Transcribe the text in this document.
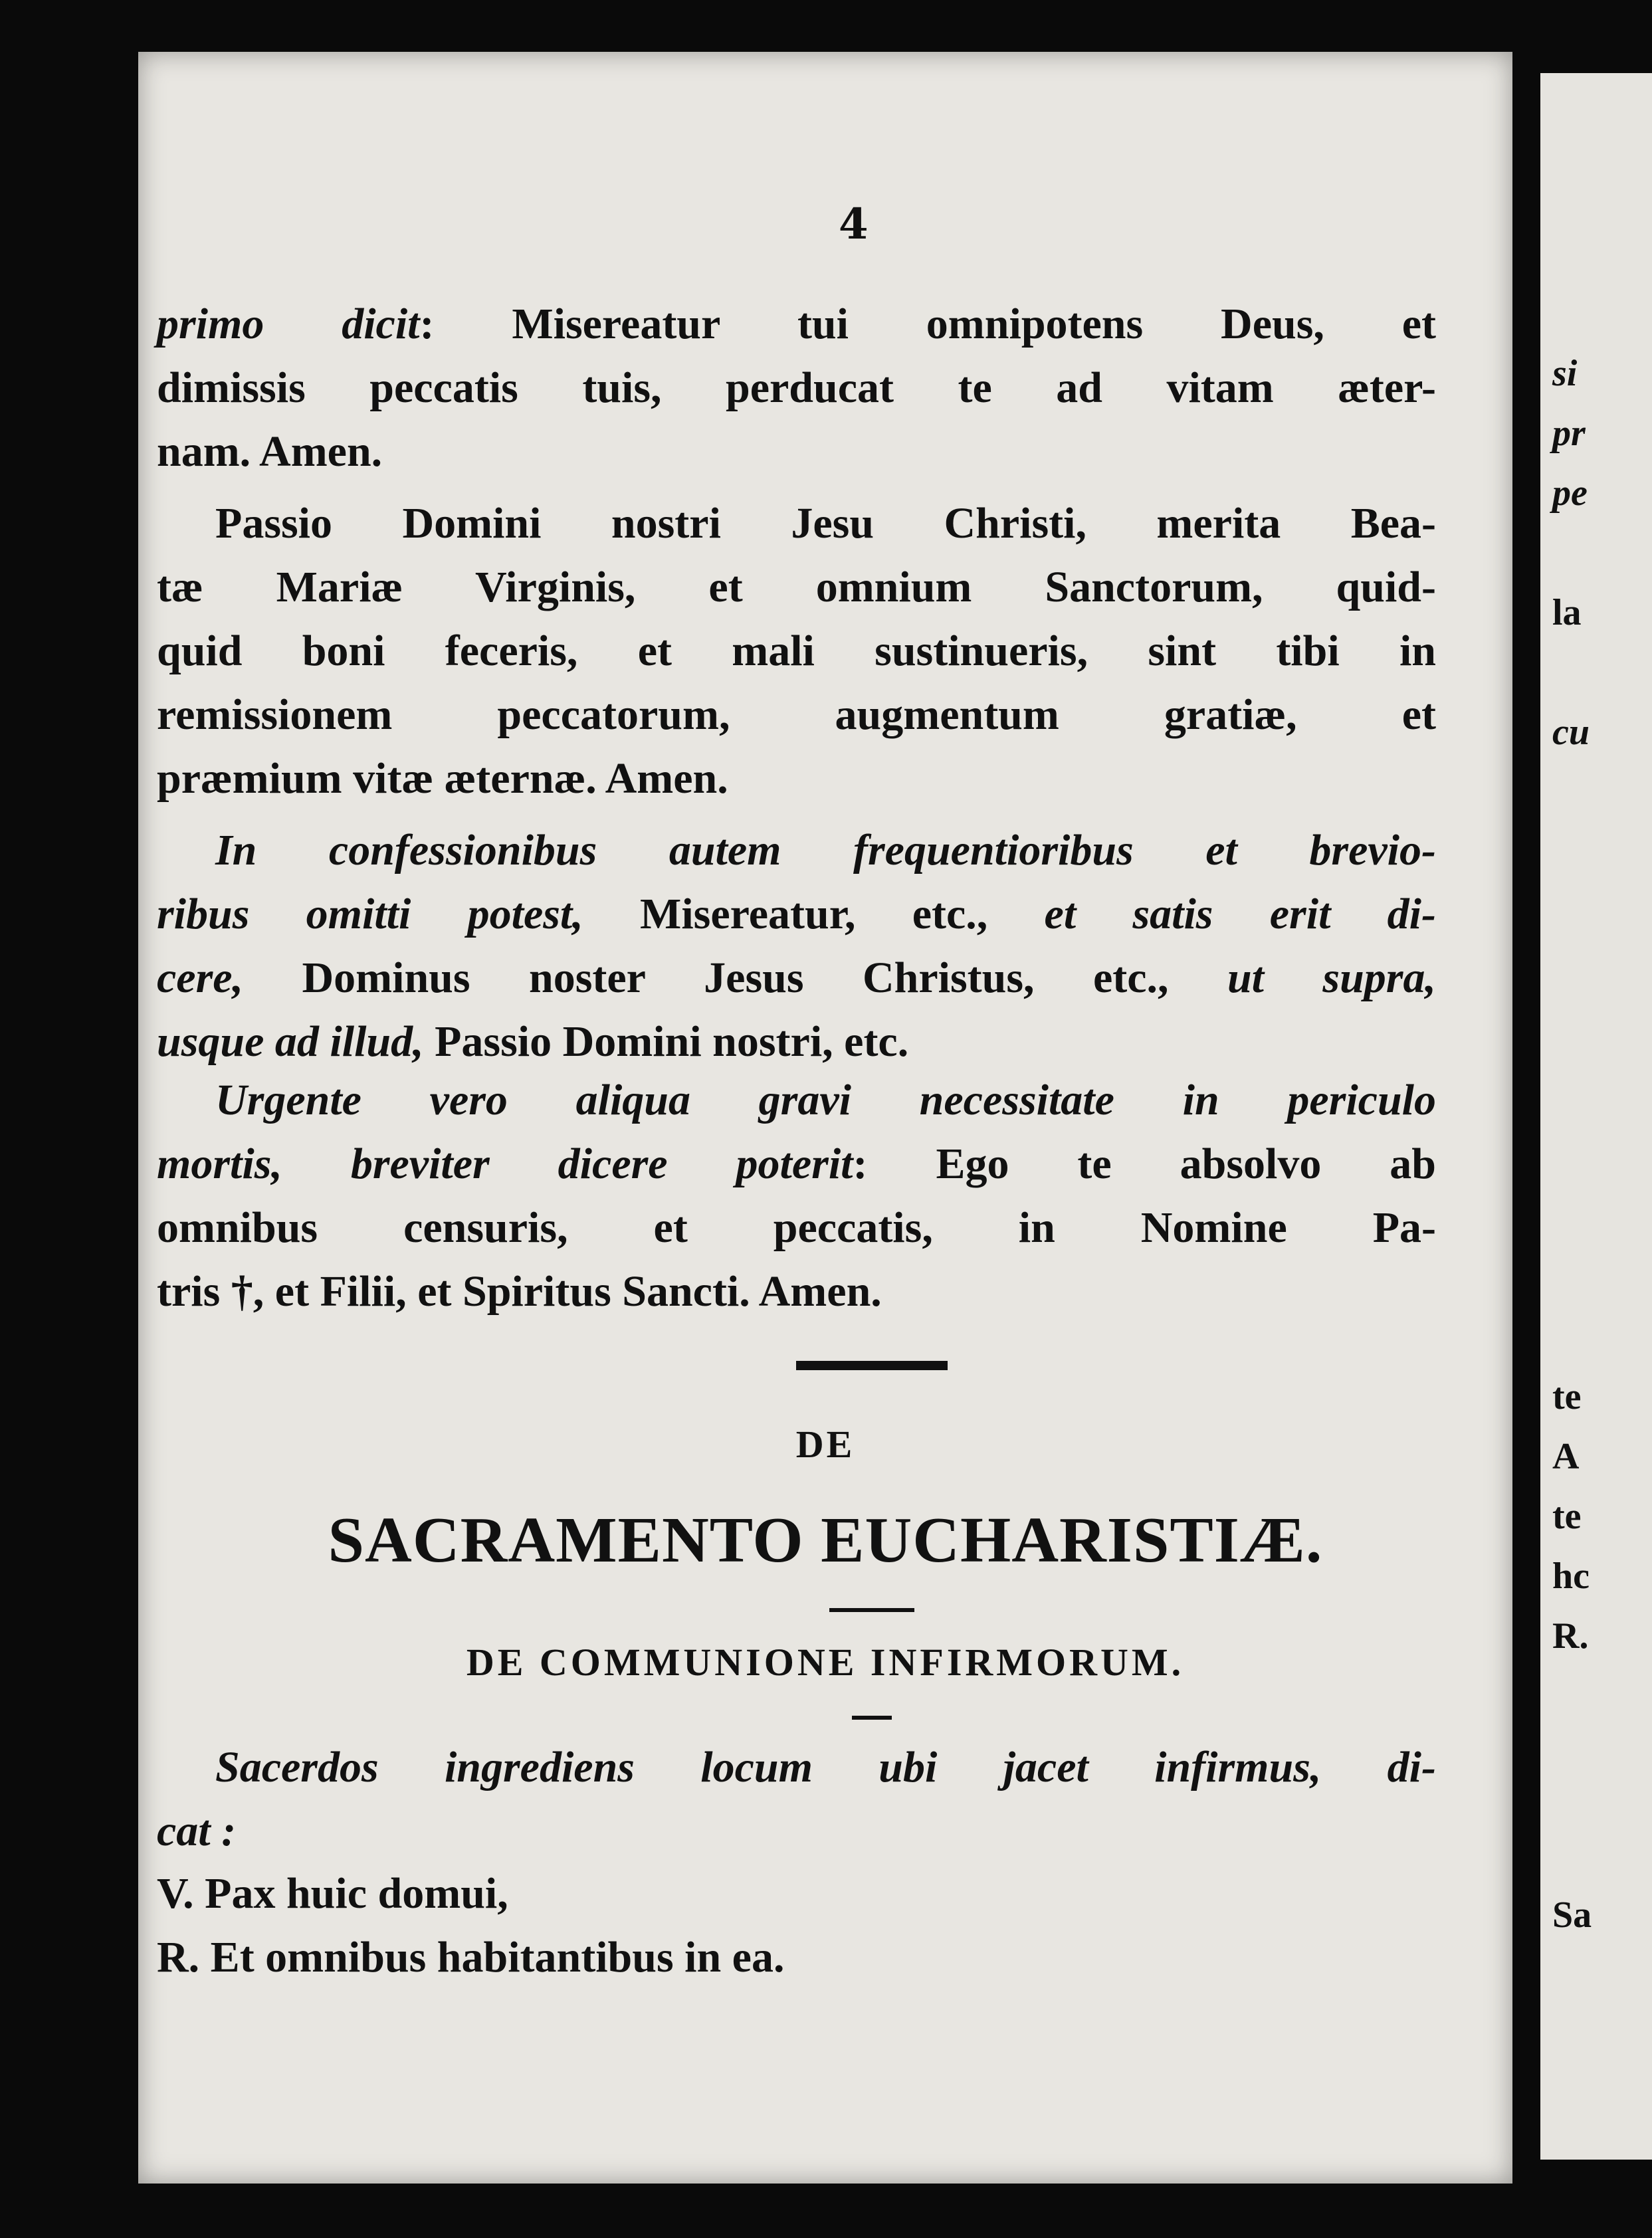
si
pr
pe
la
cu
te
A
te
hc
R.
Sa
4
primo dicit: Misereatur tui omnipotens Deus, et
dimissis peccatis tuis, perducat te ad vitam æter-
nam. Amen.
Passio Domini nostri Jesu Christi, merita Bea-
tæ Mariæ Virginis, et omnium Sanctorum, quid-
quid boni feceris, et mali sustinueris, sint tibi in
remissionem peccatorum, augmentum gratiæ, et
præmium vitæ æternæ. Amen.
In confessionibus autem frequentioribus et brevio-
ribus omitti potest, Misereatur, etc., et satis erit di-
cere, Dominus noster Jesus Christus, etc., ut supra,
usque ad illud, Passio Domini nostri, etc.
Urgente vero aliqua gravi necessitate in periculo
mortis, breviter dicere poterit: Ego te absolvo ab
omnibus censuris, et peccatis, in Nomine Pa-
tris †, et Filii, et Spiritus Sancti. Amen.
DE
SACRAMENTO EUCHARISTIÆ.
DE COMMUNIONE INFIRMORUM.
Sacerdos ingrediens locum ubi jacet infirmus, di-
cat :
V. Pax huic domui,
R. Et omnibus habitantibus in ea.
